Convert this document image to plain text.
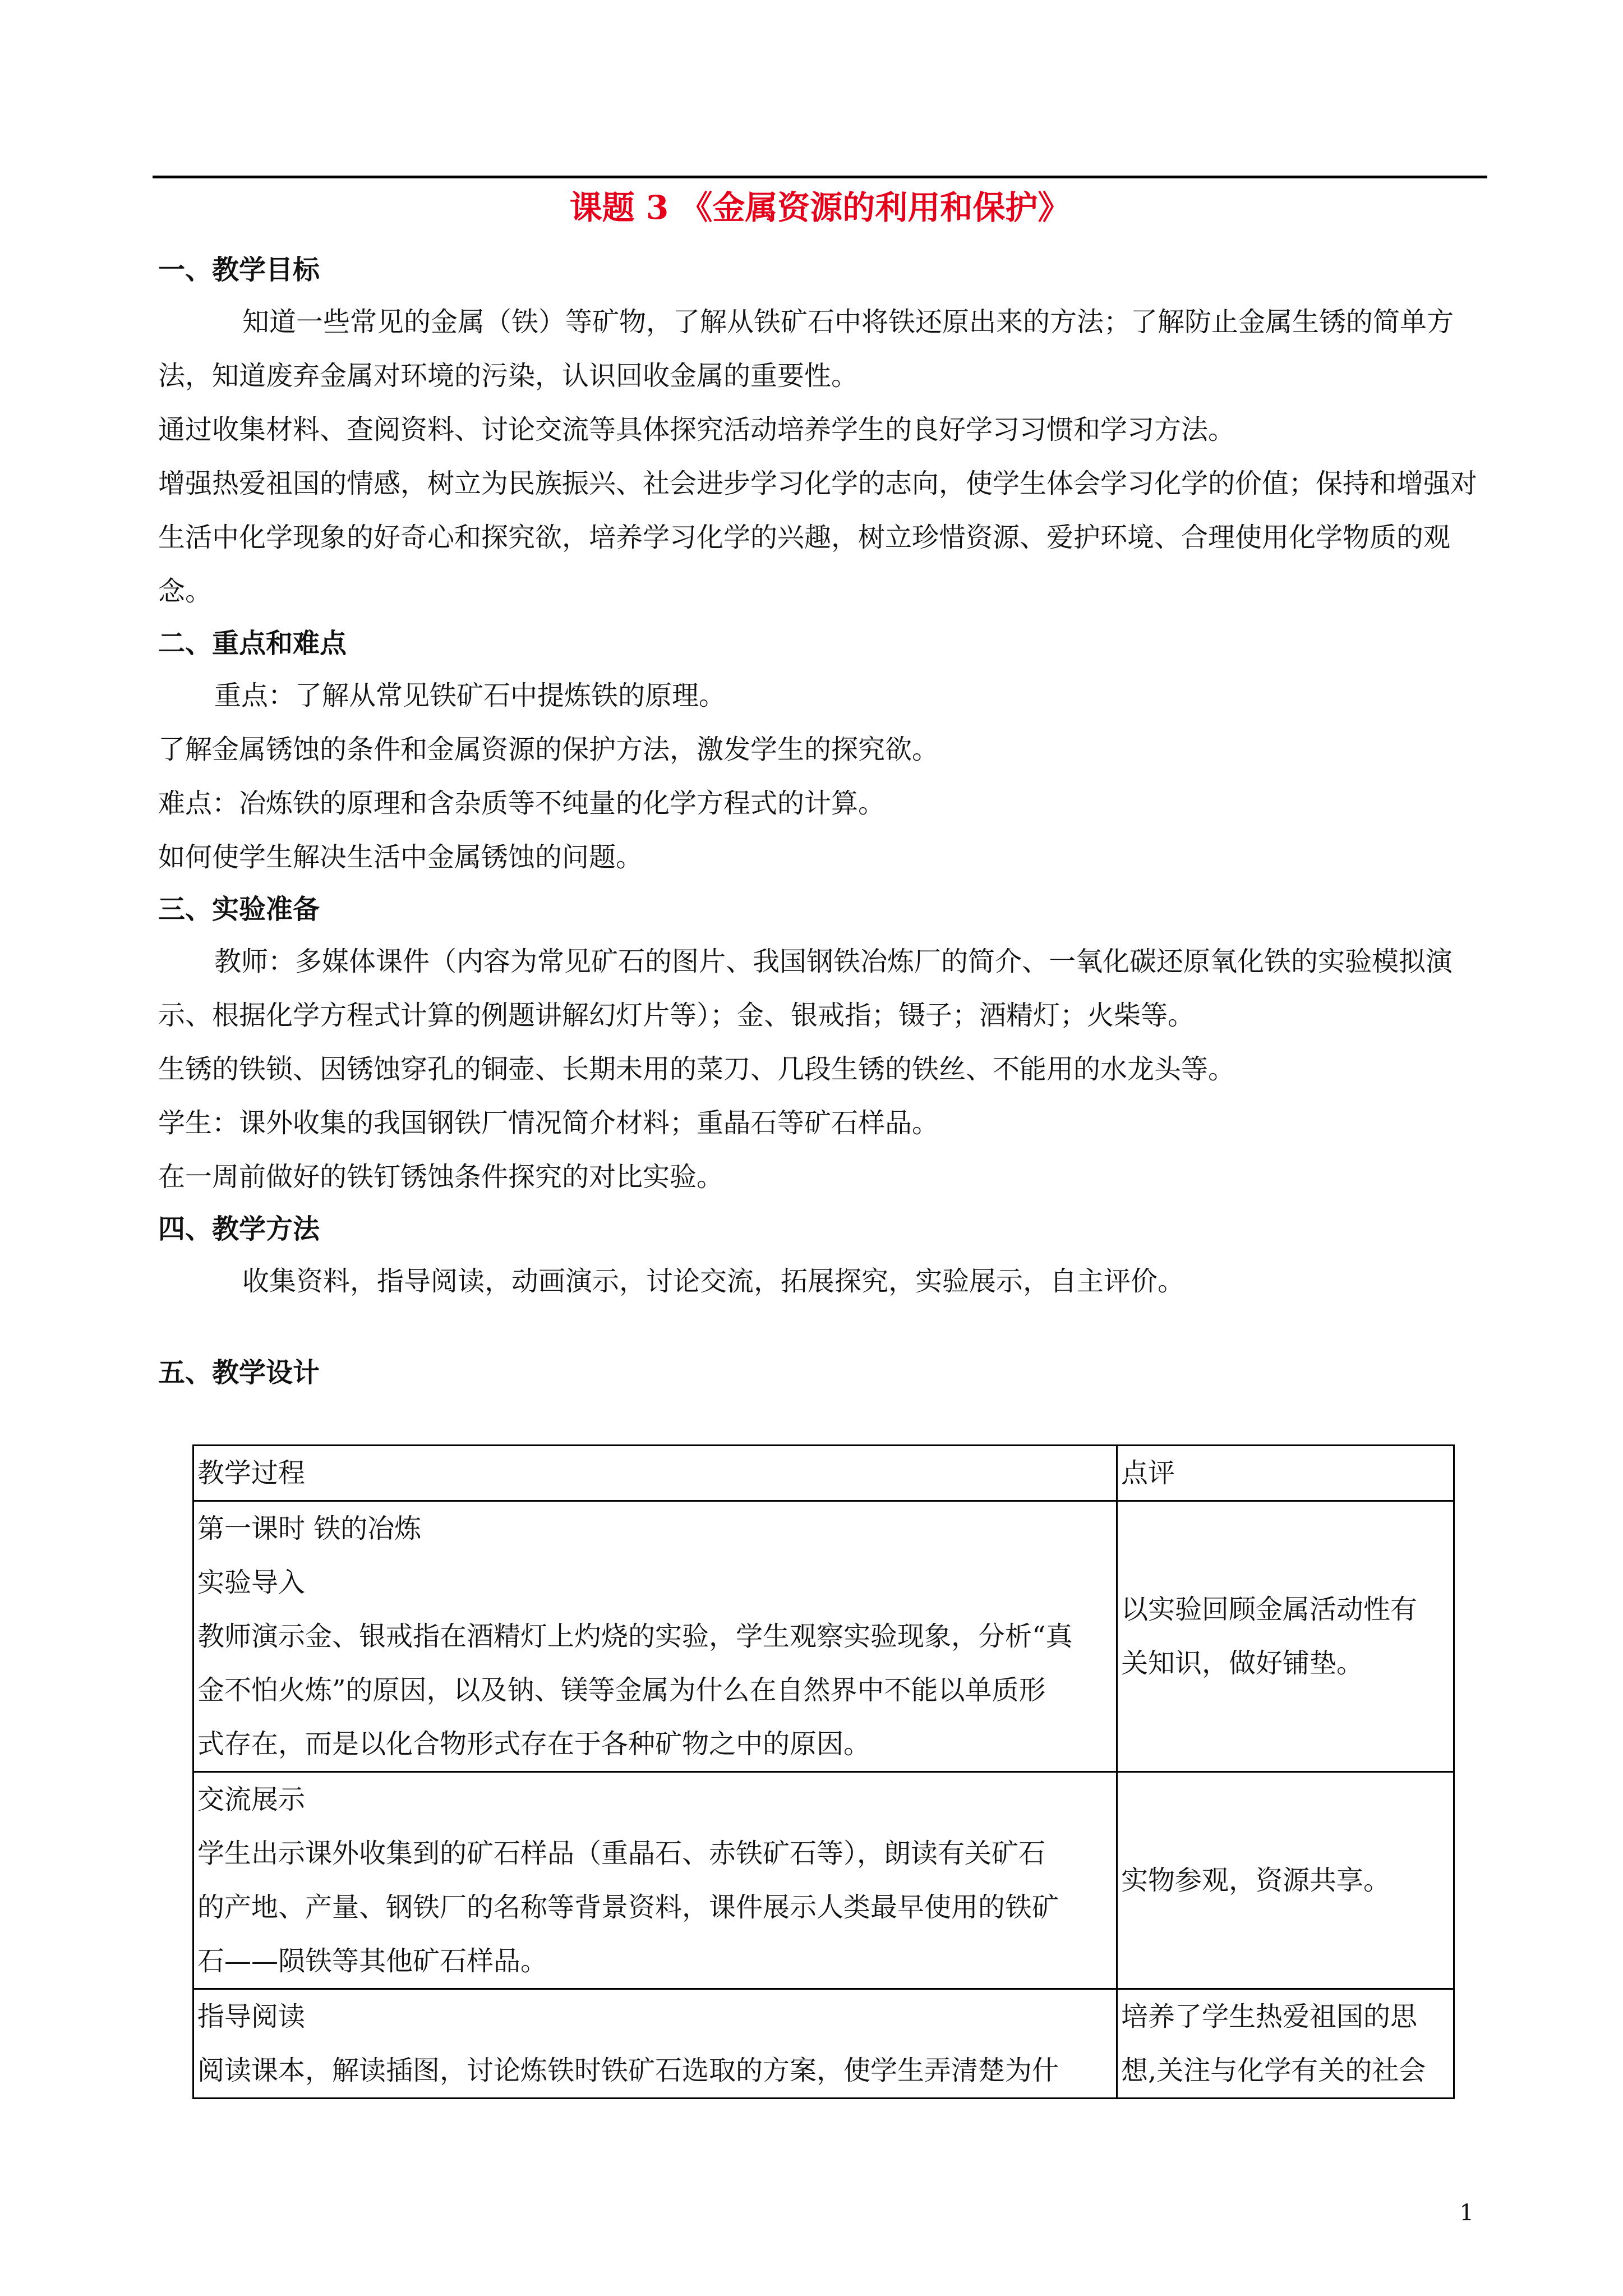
课题 3 《金属资源的利用和保护》

一、教学目标

知道一些常见的金属（铁）等矿物，了解从铁矿石中将铁还原出来的方法；了解防止金属生锈的简单方法，知道废弃金属对环境的污染，认识回收金属的重要性。

通过收集材料、查阅资料、讨论交流等具体探究活动培养学生的良好学习习惯和学习方法。

增强热爱祖国的情感，树立为民族振兴、社会进步学习化学的志向，使学生体会学习化学的价值；保持和增强对生活中化学现象的好奇心和探究欲，培养学习化学的兴趣，树立珍惜资源、爱护环境、合理使用化学物质的观念。

二、重点和难点

重点：了解从常见铁矿石中提炼铁的原理。

了解金属锈蚀的条件和金属资源的保护方法，激发学生的探究欲。

难点：冶炼铁的原理和含杂质等不纯量的化学方程式的计算。

如何使学生解决生活中金属锈蚀的问题。

三、实验准备

教师：多媒体课件（内容为常见矿石的图片、我国钢铁冶炼厂的简介、一氧化碳还原氧化铁的实验模拟演示、根据化学方程式计算的例题讲解幻灯片等）；金、银戒指；镊子；酒精灯；火柴等。

生锈的铁锁、因锈蚀穿孔的铜壶、长期未用的菜刀、几段生锈的铁丝、不能用的水龙头等。

学生：课外收集的我国钢铁厂情况简介材料；重晶石等矿石样品。

在一周前做好的铁钉锈蚀条件探究的对比实验。

四、教学方法

收集资料，指导阅读，动画演示，讨论交流，拓展探究，实验展示，自主评价。

五、教学设计

教学过程	点评

第一课时 铁的冶炼
实验导入
教师演示金、银戒指在酒精灯上灼烧的实验，学生观察实验现象，分析“真
金不怕火炼”的原因，以及钠、镁等金属为什么在自然界中不能以单质形
式存在，而是以化合物形式存在于各种矿物之中的原因。	以实验回顾金属活动性有
关知识，做好铺垫。

交流展示
学生出示课外收集到的矿石样品（重晶石、赤铁矿石等），朗读有关矿石
的产地、产量、钢铁厂的名称等背景资料，课件展示人类最早使用的铁矿
石——陨铁等其他矿石样品。	实物参观，资源共享。

指导阅读
阅读课本，解读插图，讨论炼铁时铁矿石选取的方案，使学生弄清楚为什	培养了学生热爱祖国的思
想,关注与化学有关的社会
1
